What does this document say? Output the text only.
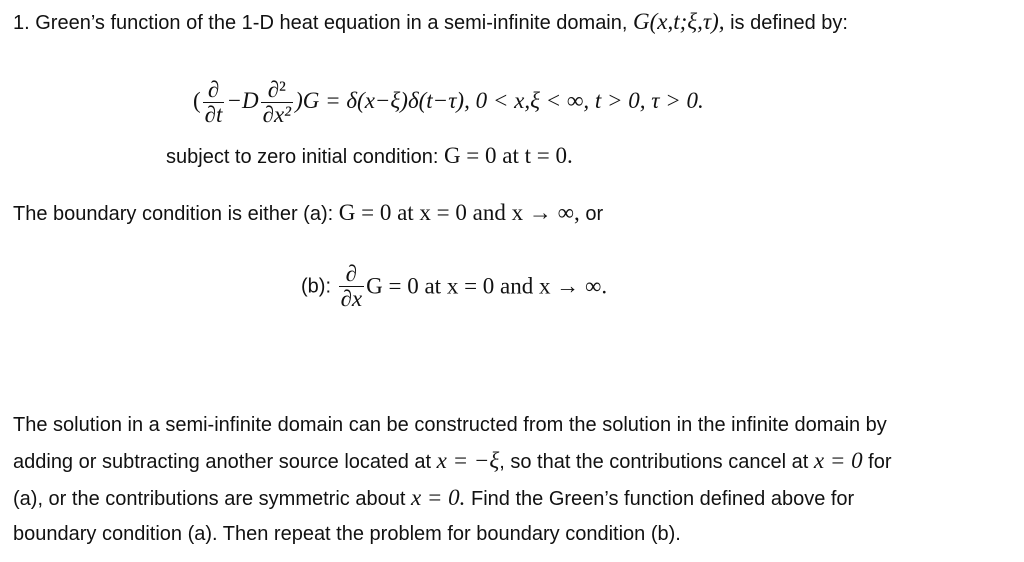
1. Green’s function of the 1-D heat equation in a semi-infinite domain, G(x,t;ξ,τ), is defined by:
( $\frac{\partial}{\partial t} -D \frac{\text{∂²}}{\text{∂x²}} )G = \delta(x-\xi)\delta(t-\tau)$, 0 < x,ξ < ∞, t > 0, τ > 0.
subject to zero initial condition: G = 0 at t = 0.
The boundary condition is either (a): G = 0 at x = 0 and x → ∞, or
(b): $\frac{\partial}{\partial x}$ G = 0 at x = 0 and x → ∞.
The solution in a semi-infinite domain can be constructed from the solution in the infinite domain by
adding or subtracting another source located at x = −ξ, so that the contributions cancel at x = 0 for
(a), or the contributions are symmetric about x = 0. Find the Green’s function defined above for
boundary condition (a). Then repeat the problem for boundary condition (b).
